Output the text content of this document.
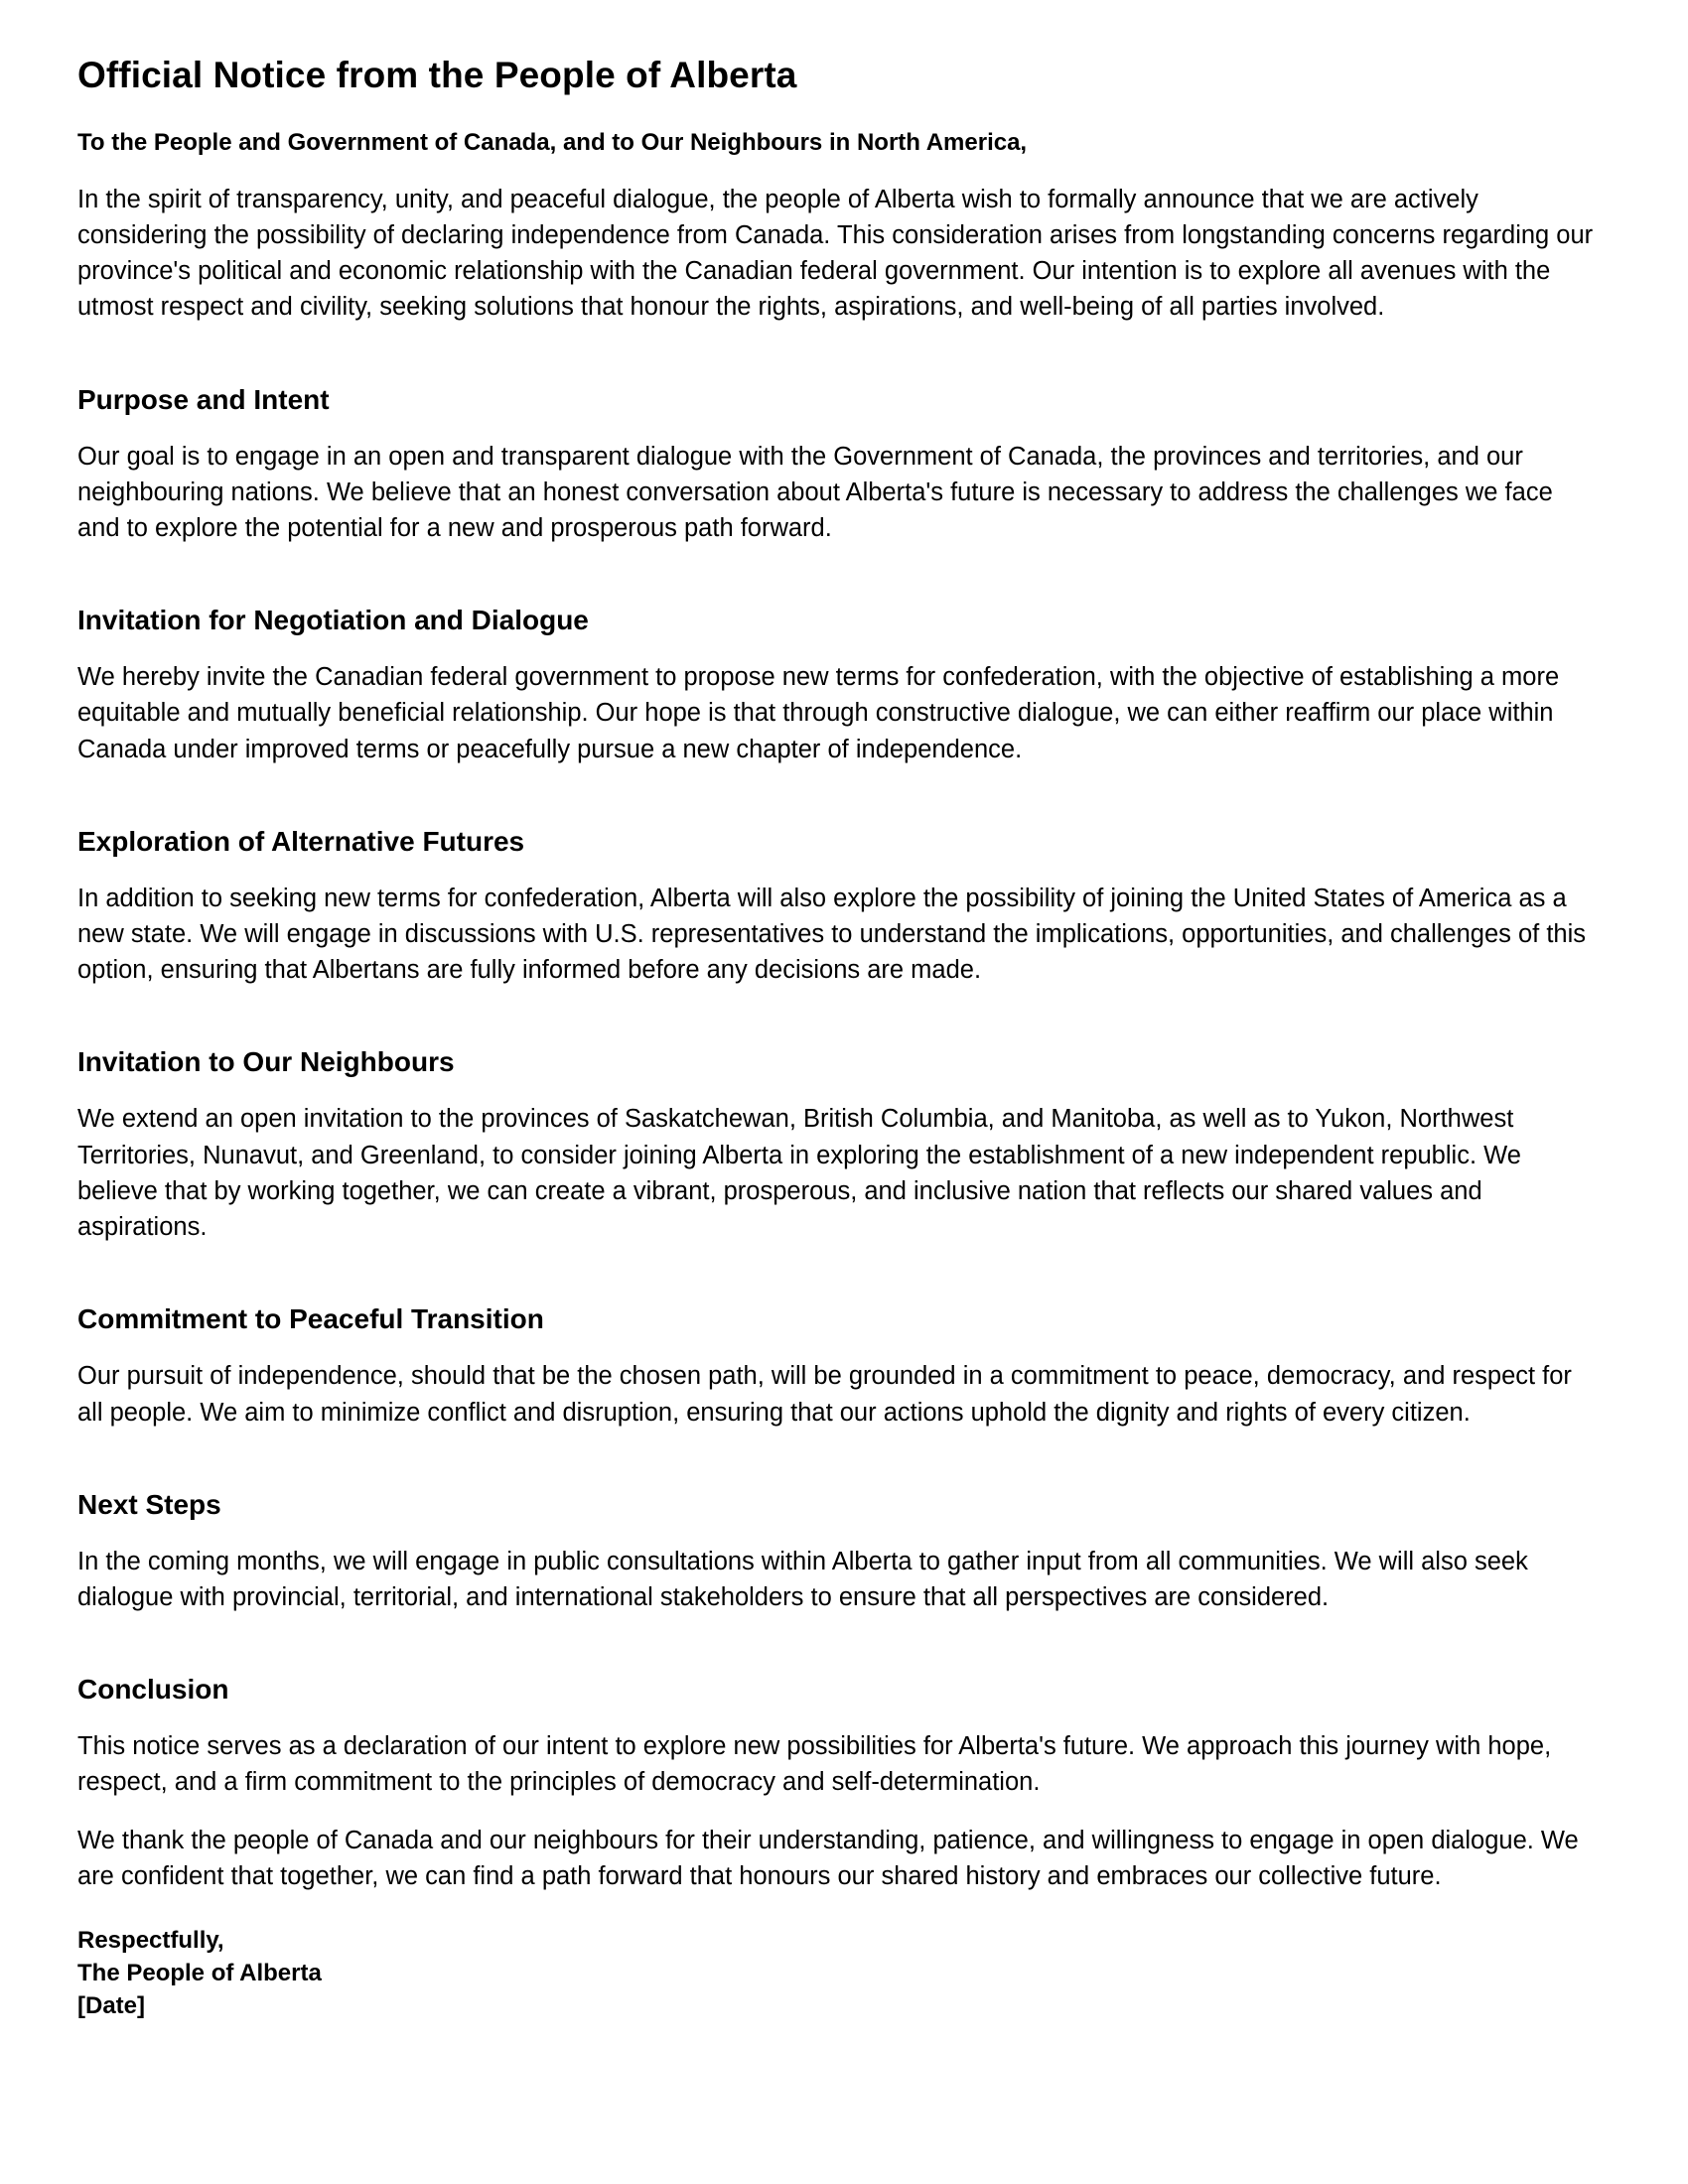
Official Notice from the People of Alberta

To the People and Government of Canada, and to Our Neighbours in North America,

In the spirit of transparency, unity, and peaceful dialogue, the people of Alberta wish to formally announce that we are actively considering the possibility of declaring independence from Canada. This consideration arises from longstanding concerns regarding our province's political and economic relationship with the Canadian federal government. Our intention is to explore all avenues with the utmost respect and civility, seeking solutions that honour the rights, aspirations, and well-being of all parties involved.

Purpose and Intent

Our goal is to engage in an open and transparent dialogue with the Government of Canada, the provinces and territories, and our neighbouring nations. We believe that an honest conversation about Alberta's future is necessary to address the challenges we face and to explore the potential for a new and prosperous path forward.

Invitation for Negotiation and Dialogue

We hereby invite the Canadian federal government to propose new terms for confederation, with the objective of establishing a more equitable and mutually beneficial relationship. Our hope is that through constructive dialogue, we can either reaffirm our place within Canada under improved terms or peacefully pursue a new chapter of independence.

Exploration of Alternative Futures

In addition to seeking new terms for confederation, Alberta will also explore the possibility of joining the United States of America as a new state. We will engage in discussions with U.S. representatives to understand the implications, opportunities, and challenges of this option, ensuring that Albertans are fully informed before any decisions are made.

Invitation to Our Neighbours

We extend an open invitation to the provinces of Saskatchewan, British Columbia, and Manitoba, as well as to Yukon, Northwest Territories, Nunavut, and Greenland, to consider joining Alberta in exploring the establishment of a new independent republic. We believe that by working together, we can create a vibrant, prosperous, and inclusive nation that reflects our shared values and aspirations.

Commitment to Peaceful Transition

Our pursuit of independence, should that be the chosen path, will be grounded in a commitment to peace, democracy, and respect for all people. We aim to minimize conflict and disruption, ensuring that our actions uphold the dignity and rights of every citizen.

Next Steps

In the coming months, we will engage in public consultations within Alberta to gather input from all communities. We will also seek dialogue with provincial, territorial, and international stakeholders to ensure that all perspectives are considered.

Conclusion

This notice serves as a declaration of our intent to explore new possibilities for Alberta's future. We approach this journey with hope, respect, and a firm commitment to the principles of democracy and self-determination.

We thank the people of Canada and our neighbours for their understanding, patience, and willingness to engage in open dialogue. We are confident that together, we can find a path forward that honours our shared history and embraces our collective future.

Respectfully,

The People of Alberta

[Date]
